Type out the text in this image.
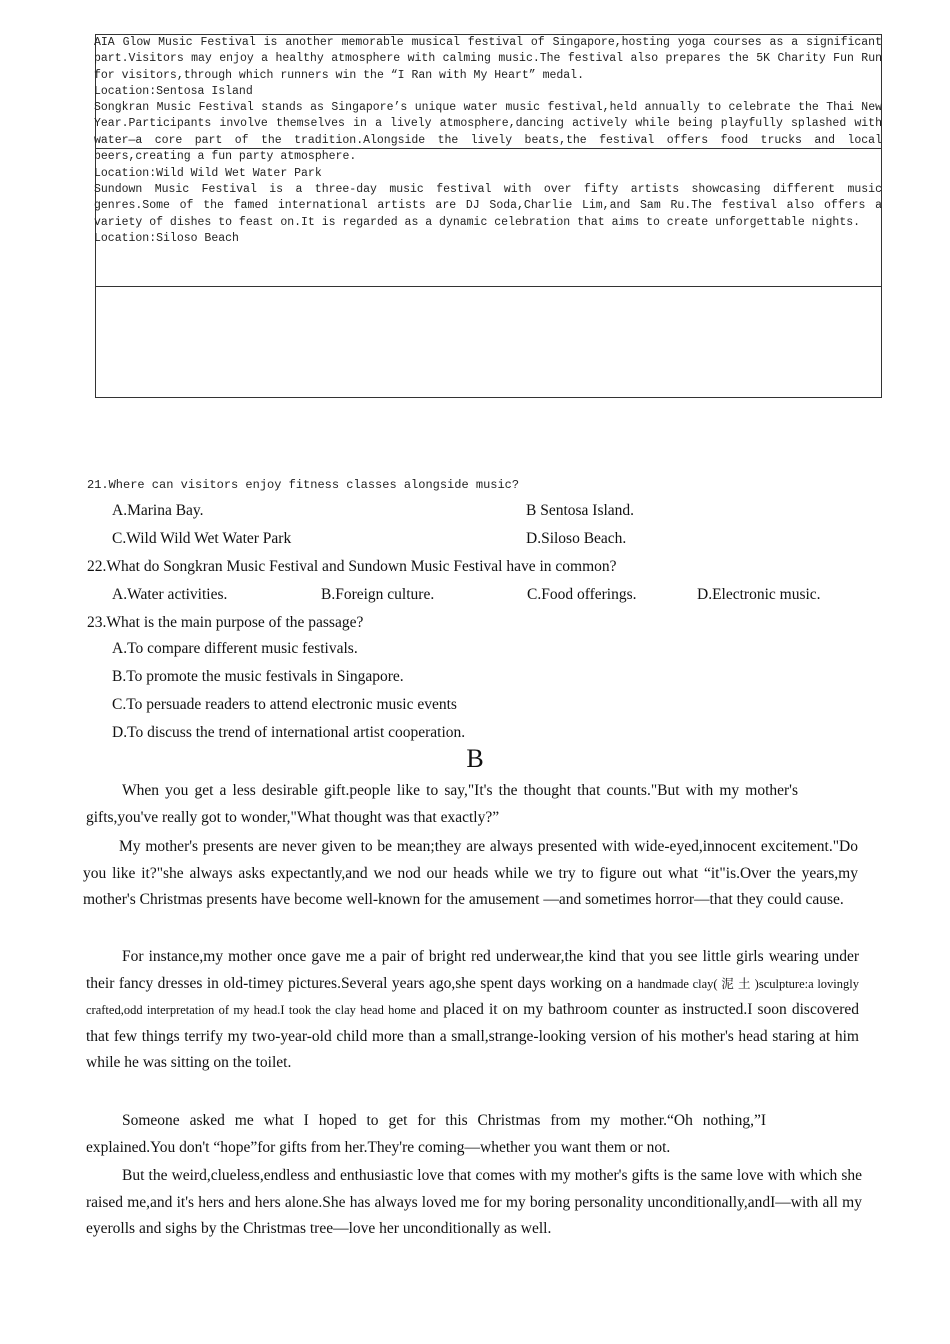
AIA Glow Music Festival is another memorable musical festival of Singapore,hosting yoga courses as a significant part.Visitors may enjoy a healthy atmosphere with calming music.The festival also prepares the 5K Charity Fun Run for visitors,through which runners win the “I Ran with My Heart” medal.
Location:Sentosa Island

Songkran Music Festival stands as Singapore’s unique water music festival,held annually to celebrate the Thai New Year.Participants involve themselves in a lively atmosphere,dancing actively while being playfully splashed with water—a core part of the tradition.Alongside the lively beats,the festival offers food trucks and local beers,creating a fun party atmosphere.
Location:Wild Wild Wet Water Park

Sundown Music Festival is a three-day music festival with over fifty artists showcasing different music genres.Some of the famed international artists are DJ Soda,Charlie Lim,and Sam Ru.The festival also offers a variety of dishes to feast on.It is regarded as a dynamic celebration that aims to create unforgettable nights.
Location:Siloso Beach

21.Where can visitors enjoy fitness classes alongside music?

A.Marina Bay.	B Sentosa Island.

C.Wild Wild Wet Water Park	D.Siloso Beach.

22.What do Songkran Music Festival and Sundown Music Festival have in common?

A.Water activities.	B.Foreign culture.	C.Food offerings.	D.Electronic music.

23.What is the main purpose of the passage?

A.To compare different music festivals.

B.To promote the music festivals in Singapore.

C.To persuade readers to attend electronic music events

D.To discuss the trend of international artist cooperation.

B

When you get a less desirable gift.people like to say,"It's the thought that counts."But with my mother's gifts,you've really got to wonder,"What thought was that exactly?”

My mother's presents are never given to be mean;they are always presented with wide-eyed,innocent excitement."Do you like it?"she always asks expectantly,and we nod our heads while we try to figure out what “it"is.Over the years,my mother's Christmas presents have become well-known for the amusement —and sometimes horror—that they could cause.

For instance,my mother once gave me a pair of bright red underwear,the kind that you see little girls wearing under their fancy dresses in old-timey pictures.Several years ago,she spent days working on a handmade clay( 泥 土 )sculpture:a lovingly crafted,odd interpretation of my head.I took the clay head home and placed it on my bathroom counter as instructed.I soon discovered that few things terrify my two-year-old child more than a small,strange-looking version of his mother's head staring at him while he was sitting on the toilet.

Someone asked me what I hoped to get for this Christmas from my mother.“Oh nothing,”I explained.You don't “hope”for gifts from her.They're coming—whether you want them or not.

But the weird,clueless,endless and enthusiastic love that comes with my mother's gifts is the same love with which she raised me,and it's hers and hers alone.She has always loved me for my boring personality unconditionally,andI—with all my eyerolls and sighs by the Christmas tree—love her unconditionally as well.
